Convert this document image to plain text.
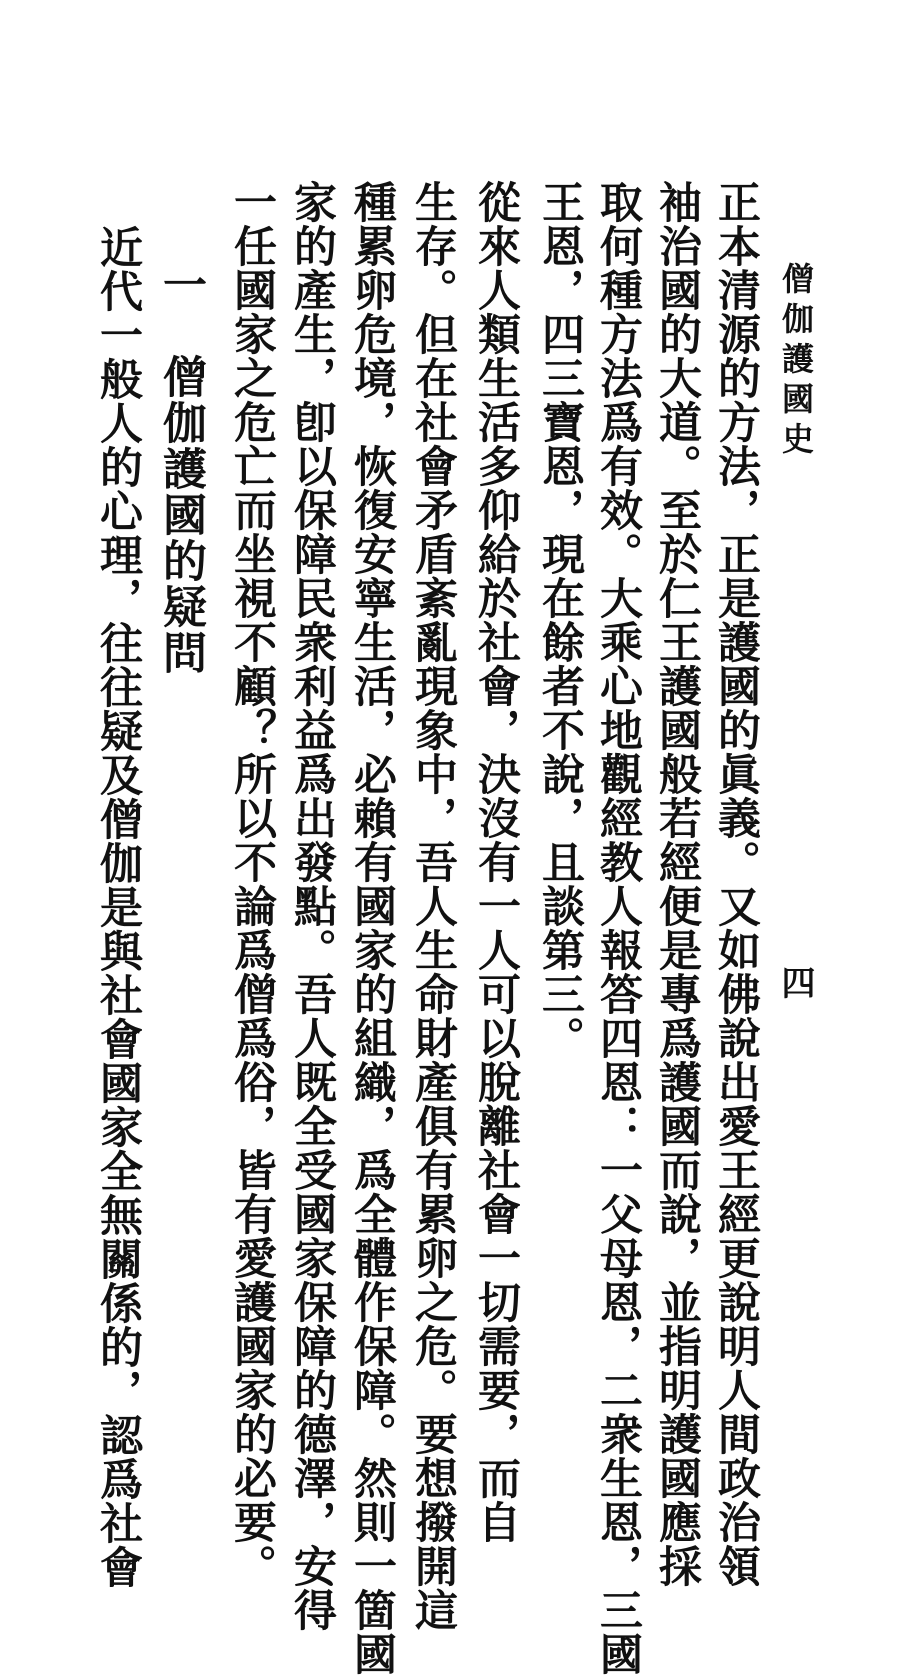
僧伽護國史
四
正本清源的方法，正是護國的眞義。又如佛說出愛王經更說明人間政治領
袖治國的大道。至於仁王護國般若經便是專爲護國而說，並指明護國應採
取何種方法爲有效。大乘心地觀經教人報答四恩：一父母恩，二衆生恩，三國
王恩，四三寶恩，現在餘者不說，且談第三。
從來人類生活多仰給於社會，決沒有一人可以脫離社會一切需要，而自
生存。但在社會矛盾紊亂現象中，吾人生命財產俱有累卵之危。要想撥開這
種累卵危境，恢復安寧生活，必賴有國家的組織，爲全體作保障。然則一箇國
家的產生，卽以保障民衆利益爲出發點。吾人既全受國家保障的德澤，安得
一任國家之危亡而坐視不顧？所以不論爲僧爲俗，皆有愛護國家的必要。
一　僧伽護國的疑問
近代一般人的心理，往往疑及僧伽是與社會國家全無關係的，認爲社會
